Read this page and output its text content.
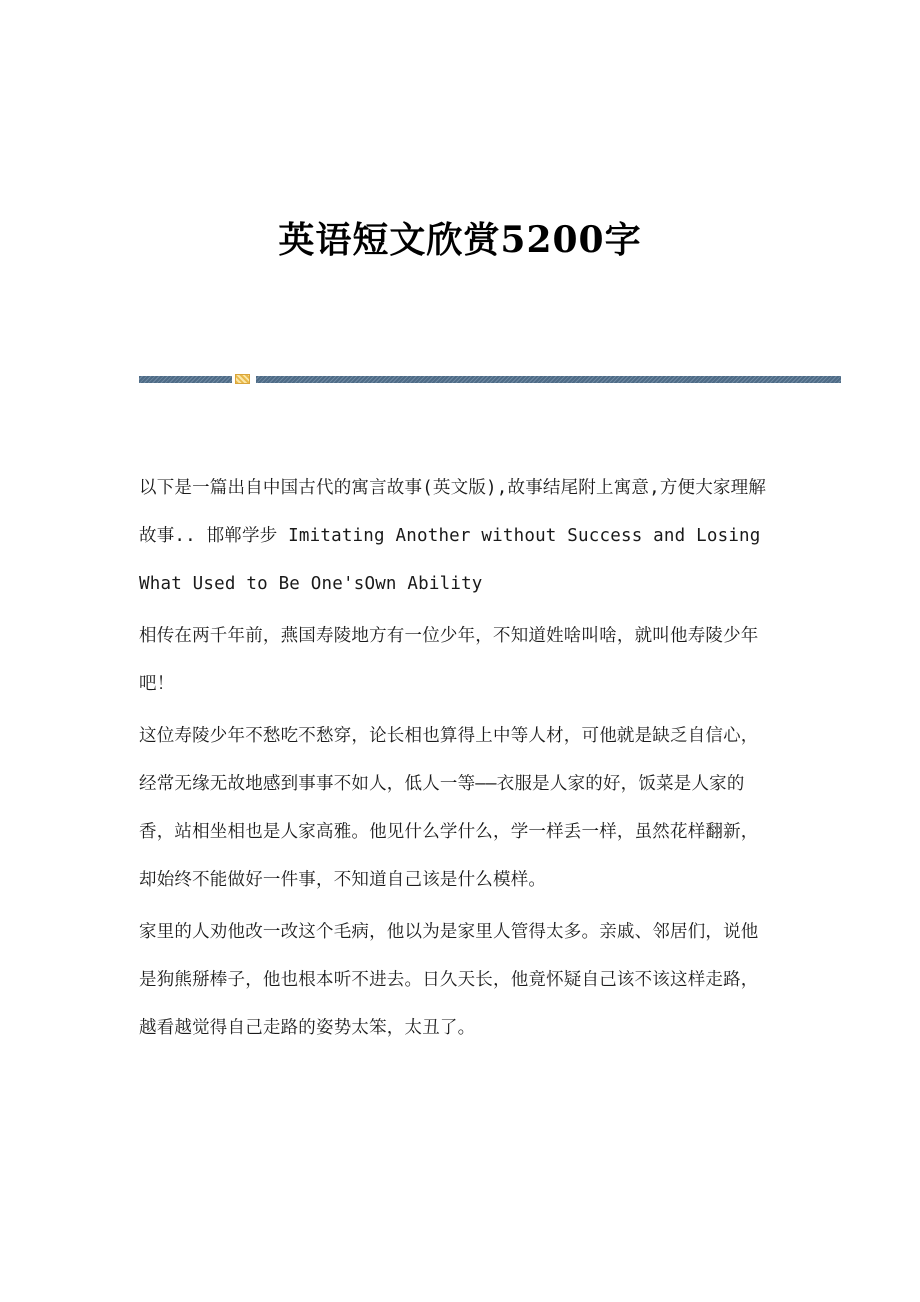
英语短文欣赏5200字

以下是一篇出自中国古代的寓言故事(英文版),故事结尾附上寓意,方便大家理解故事.. 邯郸学步 Imitating Another without Success and Losing What Used to Be One'sOwn Ability

相传在两千年前，燕国寿陵地方有一位少年，不知道姓啥叫啥，就叫他寿陵少年吧！

这位寿陵少年不愁吃不愁穿，论长相也算得上中等人材，可他就是缺乏自信心，经常无缘无故地感到事事不如人，低人一等——衣服是人家的好，饭菜是人家的香，站相坐相也是人家高雅。他见什么学什么，学一样丢一样，虽然花样翻新，却始终不能做好一件事，不知道自己该是什么模样。

家里的人劝他改一改这个毛病，他以为是家里人管得太多。亲戚、邻居们，说他是狗熊掰棒子，他也根本听不进去。日久天长，他竟怀疑自己该不该这样走路，越看越觉得自己走路的姿势太笨，太丑了。
